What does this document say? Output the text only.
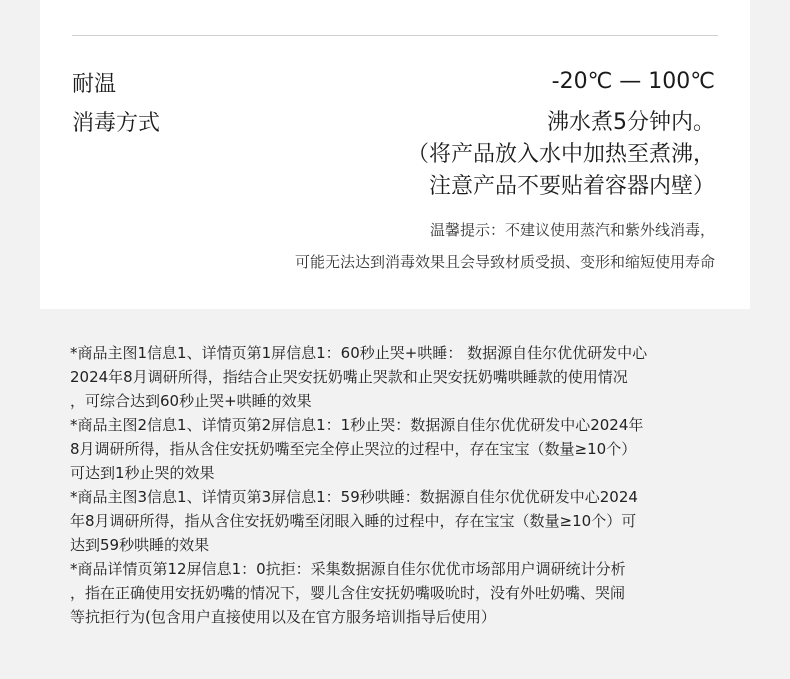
耐温	-20℃ — 100℃
消毒方式	沸水煮5分钟内。
（将产品放入水中加热至煮沸，
注意产品不要贴着容器内壁）
温馨提示：不建议使用蒸汽和紫外线消毒，
可能无法达到消毒效果且会导致材质受损、变形和缩短使用寿命
*商品主图1信息1、详情页第1屏信息1：60秒止哭+哄睡： 数据源自佳尔优优研发中心
2024年8月调研所得，指结合止哭安抚奶嘴止哭款和止哭安抚奶嘴哄睡款的使用情况
，可综合达到60秒止哭+哄睡的效果
*商品主图2信息1、详情页第2屏信息1：1秒止哭：数据源自佳尔优优研发中心2024年
8月调研所得，指从含住安抚奶嘴至完全停止哭泣的过程中，存在宝宝（数量≥10个）
可达到1秒止哭的效果
*商品主图3信息1、详情页第3屏信息1：59秒哄睡：数据源自佳尔优优研发中心2024
年8月调研所得，指从含住安抚奶嘴至闭眼入睡的过程中，存在宝宝（数量≥10个）可
达到59秒哄睡的效果
*商品详情页第12屏信息1：0抗拒：采集数据源自佳尔优优市场部用户调研统计分析
，指在正确使用安抚奶嘴的情况下，婴儿含住安抚奶嘴吸吮时，没有外吐奶嘴、哭闹
等抗拒行为(包含用户直接使用以及在官方服务培训指导后使用）
